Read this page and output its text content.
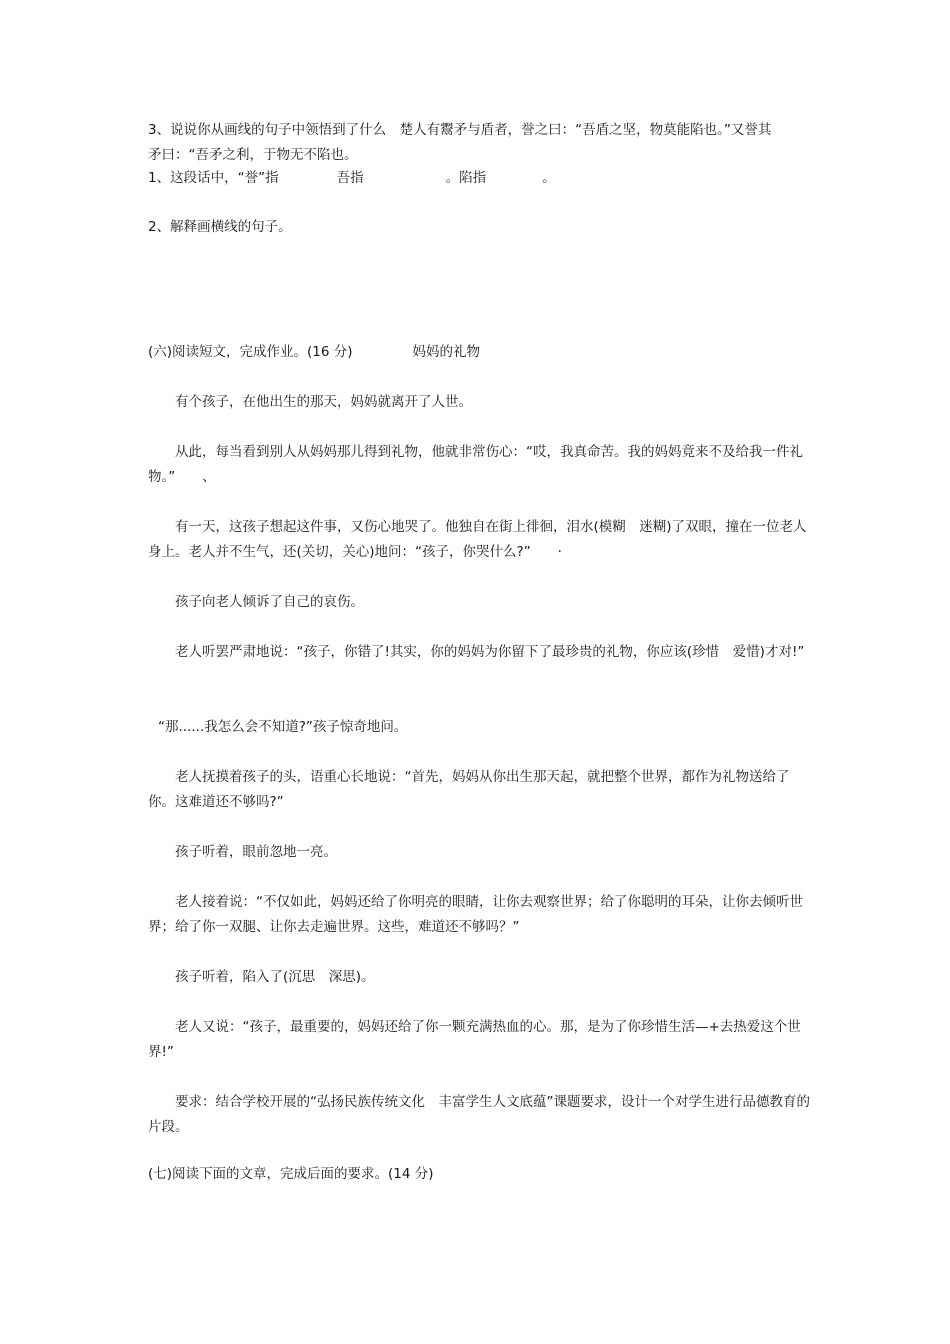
3、说说你从画线的句子中领悟到了什么　楚人有鬻矛与盾者，誉之曰：“吾盾之坚，物莫能陷也。”又誉其
矛曰：“吾矛之利，于物无不陷也。
1、这段话中，“誉”指	吾指	。陷指	。
2、解释画横线的句子。
(六)阅读短文，完成作业。(16 分)	妈妈的礼物
有个孩子，在他出生的那天，妈妈就离开了人世。
从此，每当看到别人从妈妈那儿得到礼物，他就非常伤心：“哎，我真命苦。我的妈妈竟来不及给我一件礼物。”　　、
有一天，这孩子想起这件事，又伤心地哭了。他独自在街上徘徊，泪水(模糊　迷糊)了双眼，撞在一位老人身上。老人并不生气，还(关切，关心)地问：“孩子，你哭什么?”　　·
孩子向老人倾诉了自己的哀伤。
老人听罢严肃地说：“孩子，你错了!其实，你的妈妈为你留下了最珍贵的礼物，你应该(珍惜　爱惜)才对!”
“那......我怎么会不知道?”孩子惊奇地问。
老人抚摸着孩子的头，语重心长地说：“首先，妈妈从你出生那天起，就把整个世界，都作为礼物送给了你。这难道还不够吗?”
孩子听着，眼前忽地一亮。
老人接着说：“不仅如此，妈妈还给了你明亮的眼睛，让你去观察世界；给了你聪明的耳朵，让你去倾听世界；给了你一双腿、让你去走遍世界。这些，难道还不够吗？”
孩子听着，陷入了(沉思　深思)。
老人又说：“孩子，最重要的，妈妈还给了你一颗充满热血的心。那，是为了你珍惜生活—+去热爱这个世界!”
要求：结合学校开展的“弘扬民族传统文化　丰富学生人文底蕴”课题要求，设计一个对学生进行品德教育的片段。
(七)阅读下面的文章，完成后面的要求。(14 分)
